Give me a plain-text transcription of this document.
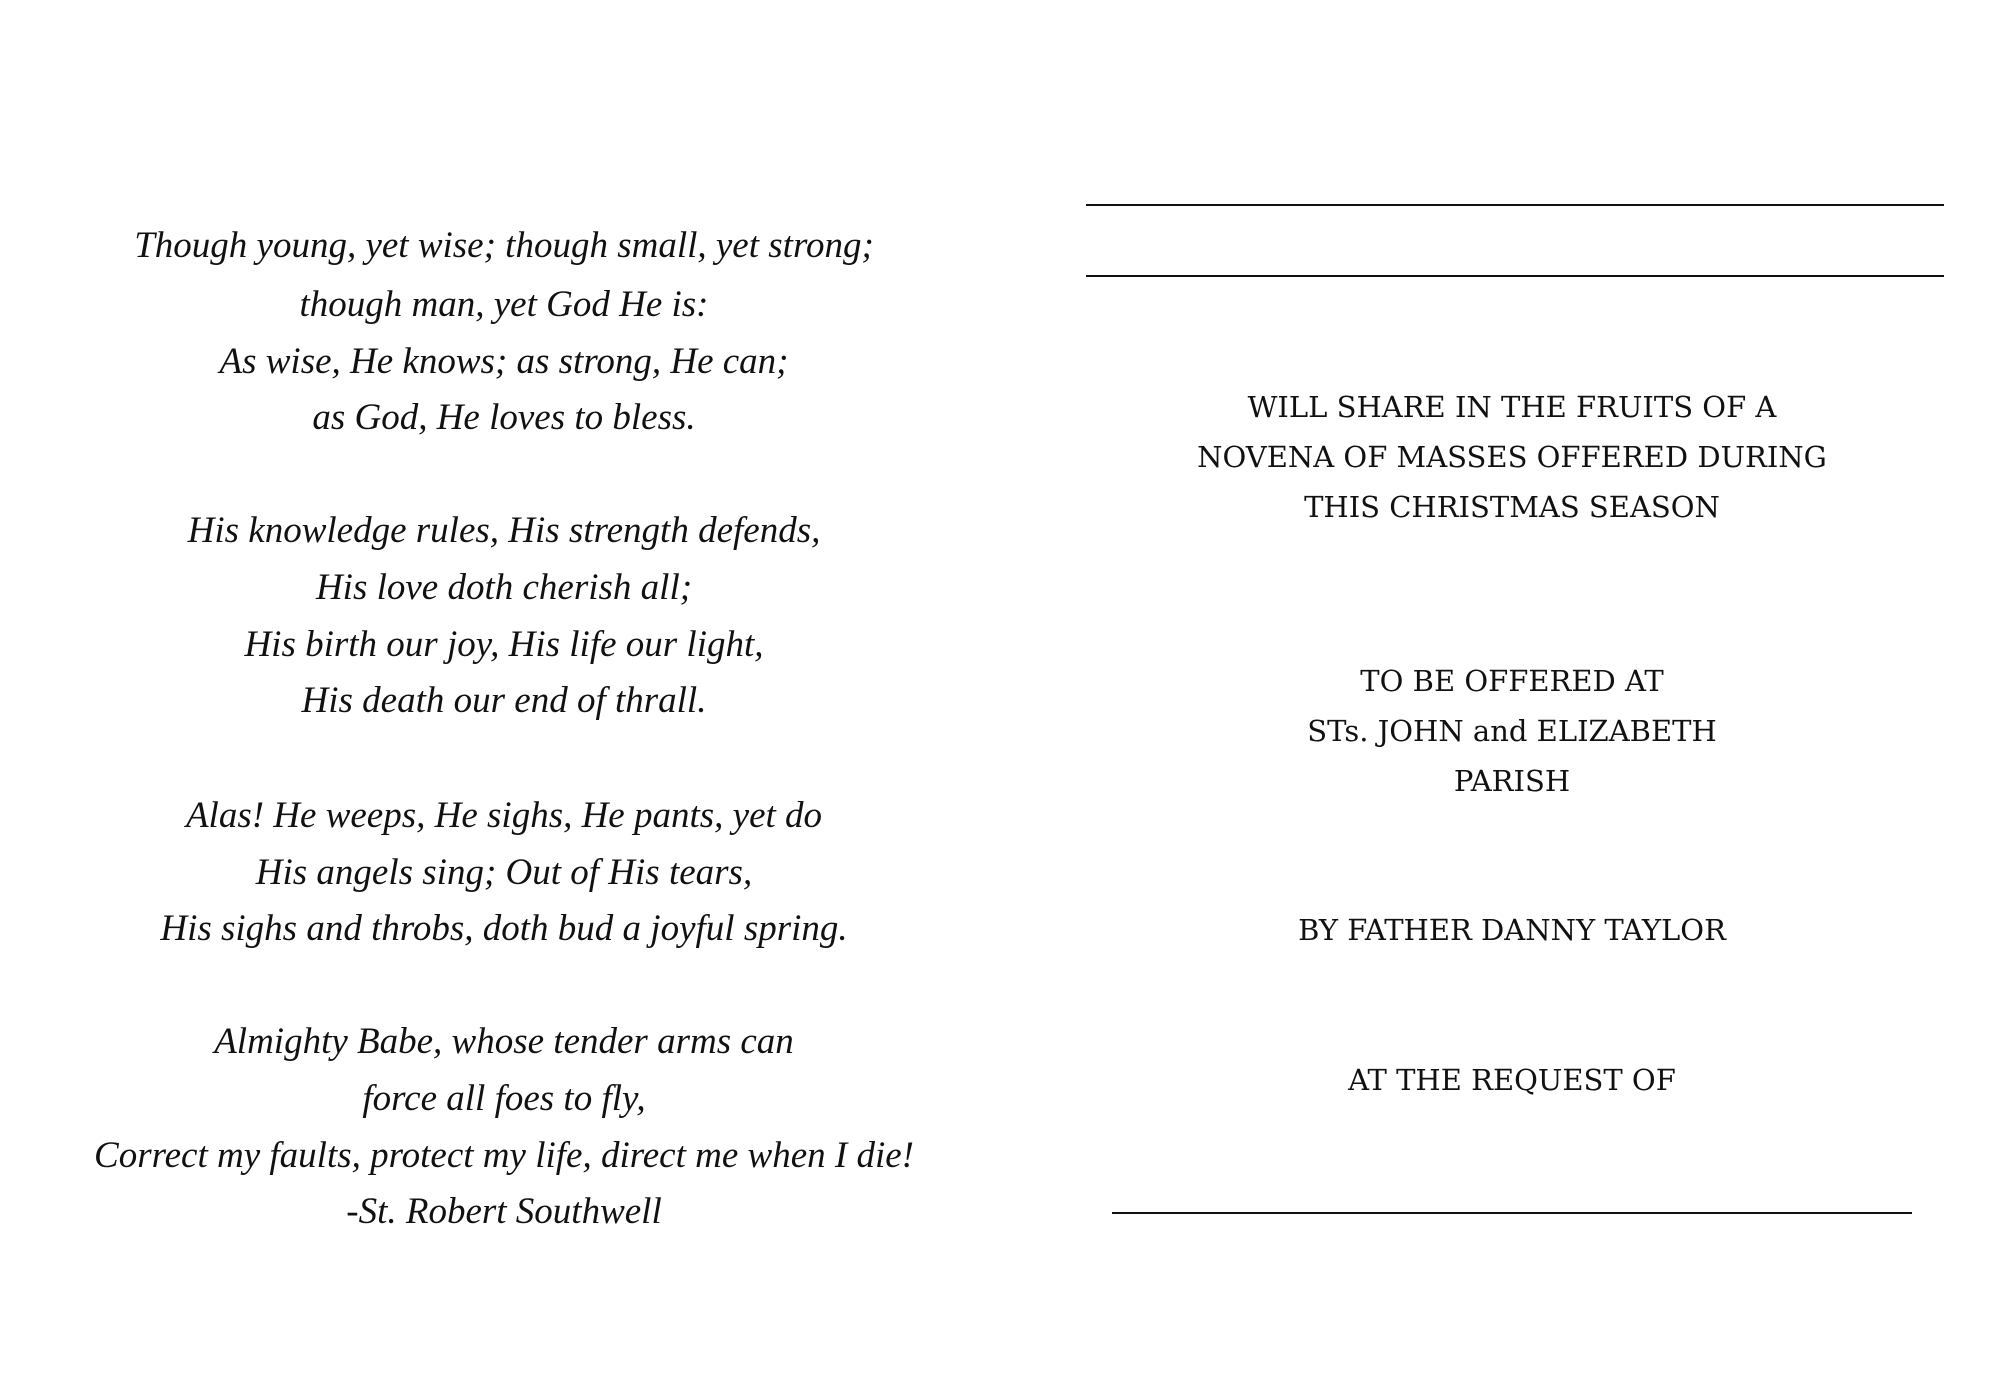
Though young, yet wise; though small, yet strong;
though man, yet God He is:
As wise, He knows; as strong, He can;
as God, He loves to bless.
His knowledge rules, His strength defends,
His love doth cherish all;
His birth our joy, His life our light,
His death our end of thrall.
Alas! He weeps, He sighs, He pants, yet do
His angels sing; Out of His tears,
His sighs and throbs, doth bud a joyful spring.
Almighty Babe, whose tender arms can
force all foes to fly,
Correct my faults, protect my life, direct me when I die!
-St. Robert Southwell
WILL SHARE IN THE FRUITS OF A
NOVENA OF MASSES OFFERED DURING
THIS CHRISTMAS SEASON
TO BE OFFERED AT
STs. JOHN and ELIZABETH
PARISH
BY FATHER DANNY TAYLOR
AT THE REQUEST OF
